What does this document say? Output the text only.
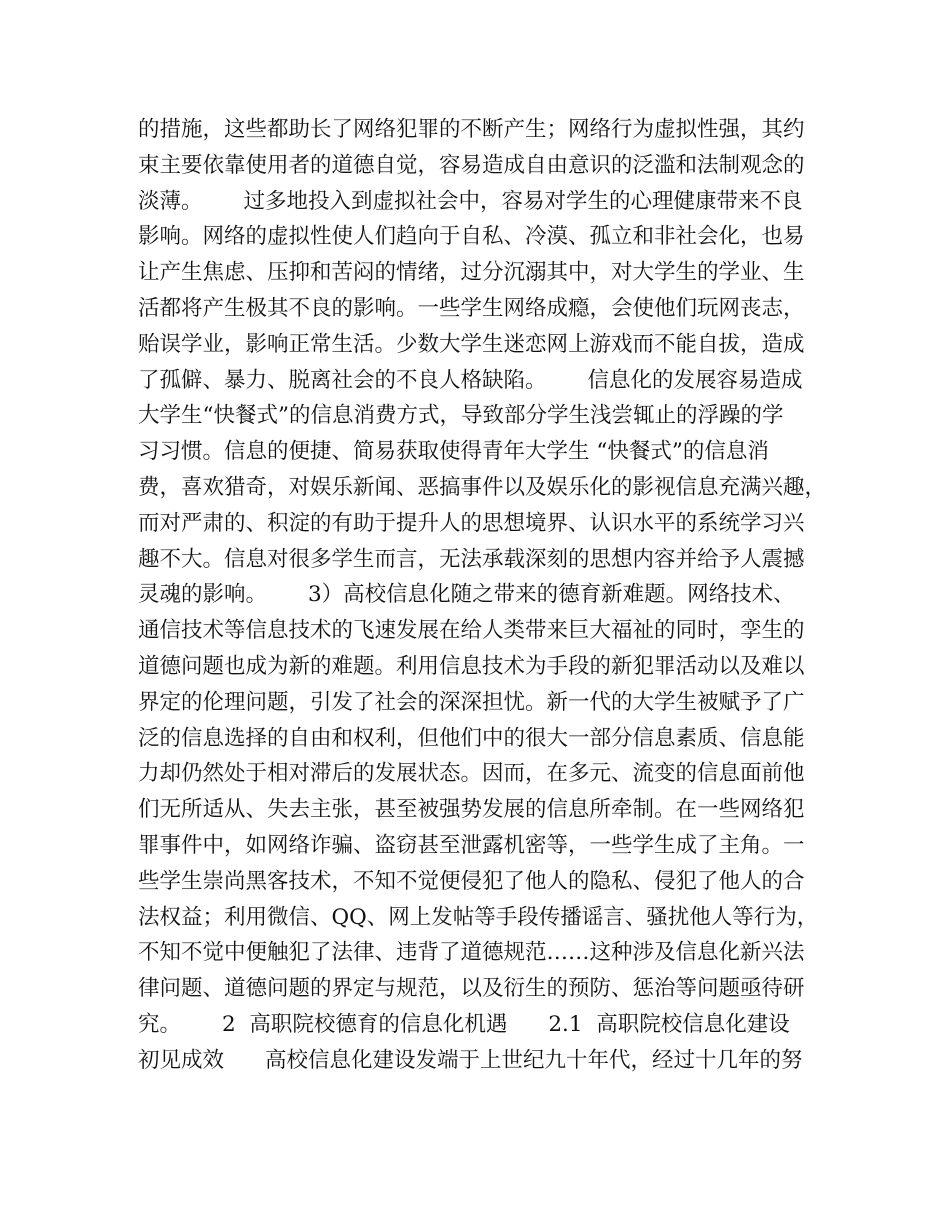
的措施，这些都助长了网络犯罪的不断产生；网络行为虚拟性强，其约
束主要依靠使用者的道德自觉，容易造成自由意识的泛滥和法制观念的
淡薄。      过多地投入到虚拟社会中，容易对学生的心理健康带来不良
影响。网络的虚拟性使人们趋向于自私、冷漠、孤立和非社会化，也易
让产生焦虑、压抑和苦闷的情绪，过分沉溺其中，对大学生的学业、生
活都将产生极其不良的影响。一些学生网络成瘾，会使他们玩网丧志，
贻误学业，影响正常生活。少数大学生迷恋网上游戏而不能自拔，造成
了孤僻、暴力、脱离社会的不良人格缺陷。      信息化的发展容易造成
大学生“快餐式”的信息消费方式，导致部分学生浅尝辄止的浮躁的学
习习惯。信息的便捷、简易获取使得青年大学生 “快餐式”的信息消
费，喜欢猎奇，对娱乐新闻、恶搞事件以及娱乐化的影视信息充满兴趣，
而对严肃的、积淀的有助于提升人的思想境界、认识水平的系统学习兴
趣不大。信息对很多学生而言，无法承载深刻的思想内容并给予人震撼
灵魂的影响。      3）高校信息化随之带来的德育新难题。网络技术、
通信技术等信息技术的飞速发展在给人类带来巨大福祉的同时，孪生的
道德问题也成为新的难题。利用信息技术为手段的新犯罪活动以及难以
界定的伦理问题，引发了社会的深深担忧。新一代的大学生被赋予了广
泛的信息选择的自由和权利，但他们中的很大一部分信息素质、信息能
力却仍然处于相对滞后的发展状态。因而，在多元、流变的信息面前他
们无所适从、失去主张，甚至被强势发展的信息所牵制。在一些网络犯
罪事件中，如网络诈骗、盗窃甚至泄露机密等，一些学生成了主角。一
些学生崇尚黑客技术，不知不觉便侵犯了他人的隐私、侵犯了他人的合
法权益；利用微信、QQ、网上发帖等手段传播谣言、骚扰他人等行为，
不知不觉中便触犯了法律、违背了道德规范……这种涉及信息化新兴法
律问题、道德问题的界定与规范，以及衍生的预防、惩治等问题亟待研
究。      2  高职院校德育的信息化机遇      2.1  高职院校信息化建设
初见成效      高校信息化建设发端于上世纪九十年代，经过十几年的努
